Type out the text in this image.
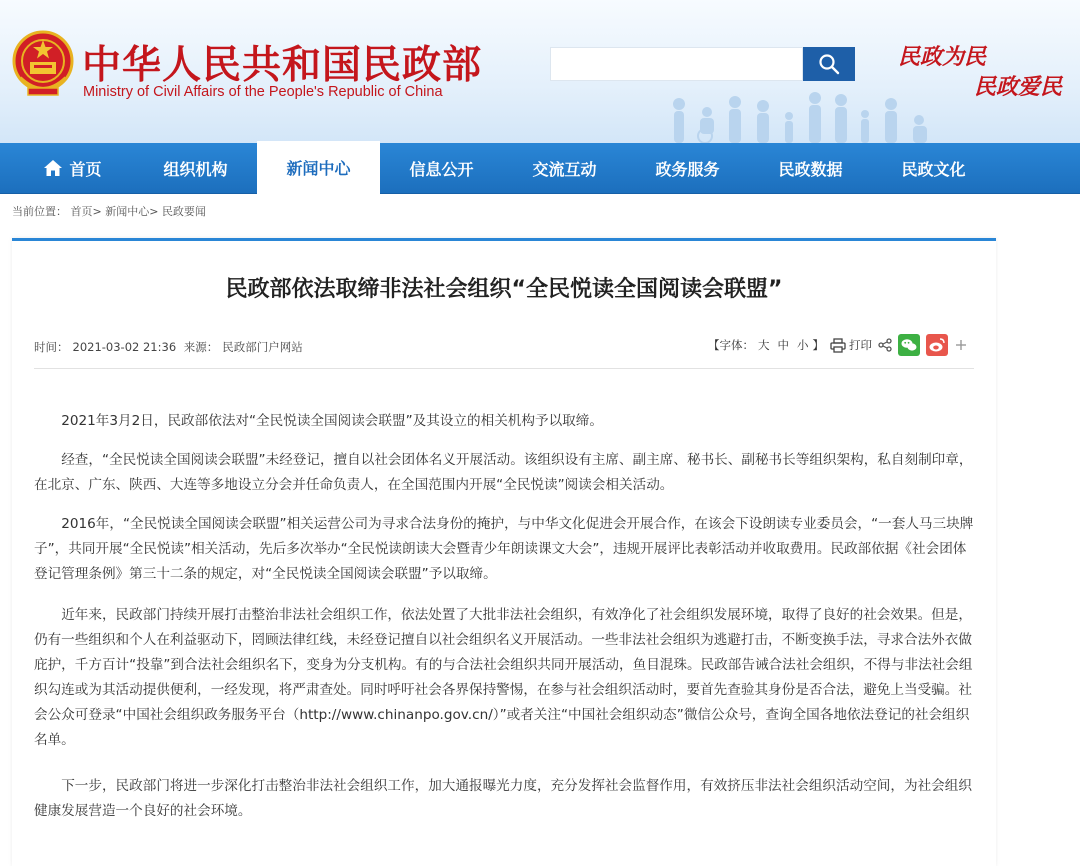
中华人民共和国民政部
Ministry of Civil Affairs of the People's Republic of China
民政为民
民政爱民
首页	组织机构	新闻中心	信息公开	交流互动	政务服务	民政数据	民政文化
当前位置： 首页> 新闻中心> 民政要闻
民政部依法取缔非法社会组织“全民悦读全国阅读会联盟”
时间： 2021-03-02 21:36 来源： 民政部门户网站	【字体： 大 中 小 】 打印

2021年3月2日，民政部依法对“全民悦读全国阅读会联盟”及其设立的相关机构予以取缔。

经查，“全民悦读全国阅读会联盟”未经登记，擅自以社会团体名义开展活动。该组织设有主席、副主席、秘书长、副秘书长等组织架构，私自刻制印章，在北京、广东、陕西、大连等多地设立分会并任命负责人，在全国范围内开展“全民悦读”阅读会相关活动。

2016年，“全民悦读全国阅读会联盟”相关运营公司为寻求合法身份的掩护，与中华文化促进会开展合作，在该会下设朗读专业委员会，“一套人马三块牌子”，共同开展“全民悦读”相关活动，先后多次举办“全民悦读朗读大会暨青少年朗读课文大会”，违规开展评比表彰活动并收取费用。民政部依据《社会团体登记管理条例》第三十二条的规定，对“全民悦读全国阅读会联盟”予以取缔。

近年来，民政部门持续开展打击整治非法社会组织工作，依法处置了大批非法社会组织，有效净化了社会组织发展环境，取得了良好的社会效果。但是，仍有一些组织和个人在利益驱动下，罔顾法律红线，未经登记擅自以社会组织名义开展活动。一些非法社会组织为逃避打击，不断变换手法，寻求合法外衣做庇护，千方百计“投靠”到合法社会组织名下，变身为分支机构。有的与合法社会组织共同开展活动，鱼目混珠。民政部告诫合法社会组织，不得与非法社会组织勾连或为其活动提供便利，一经发现，将严肃查处。同时呼吁社会各界保持警惕，在参与社会组织活动时，要首先查验其身份是否合法，避免上当受骗。社会公众可登录“中国社会组织政务服务平台（http://www.chinanpo.gov.cn/）”或者关注“中国社会组织动态”微信公众号，查询全国各地依法登记的社会组织名单。

下一步，民政部门将进一步深化打击整治非法社会组织工作，加大通报曝光力度，充分发挥社会监督作用，有效挤压非法社会组织活动空间，为社会组织健康发展营造一个良好的社会环境。
